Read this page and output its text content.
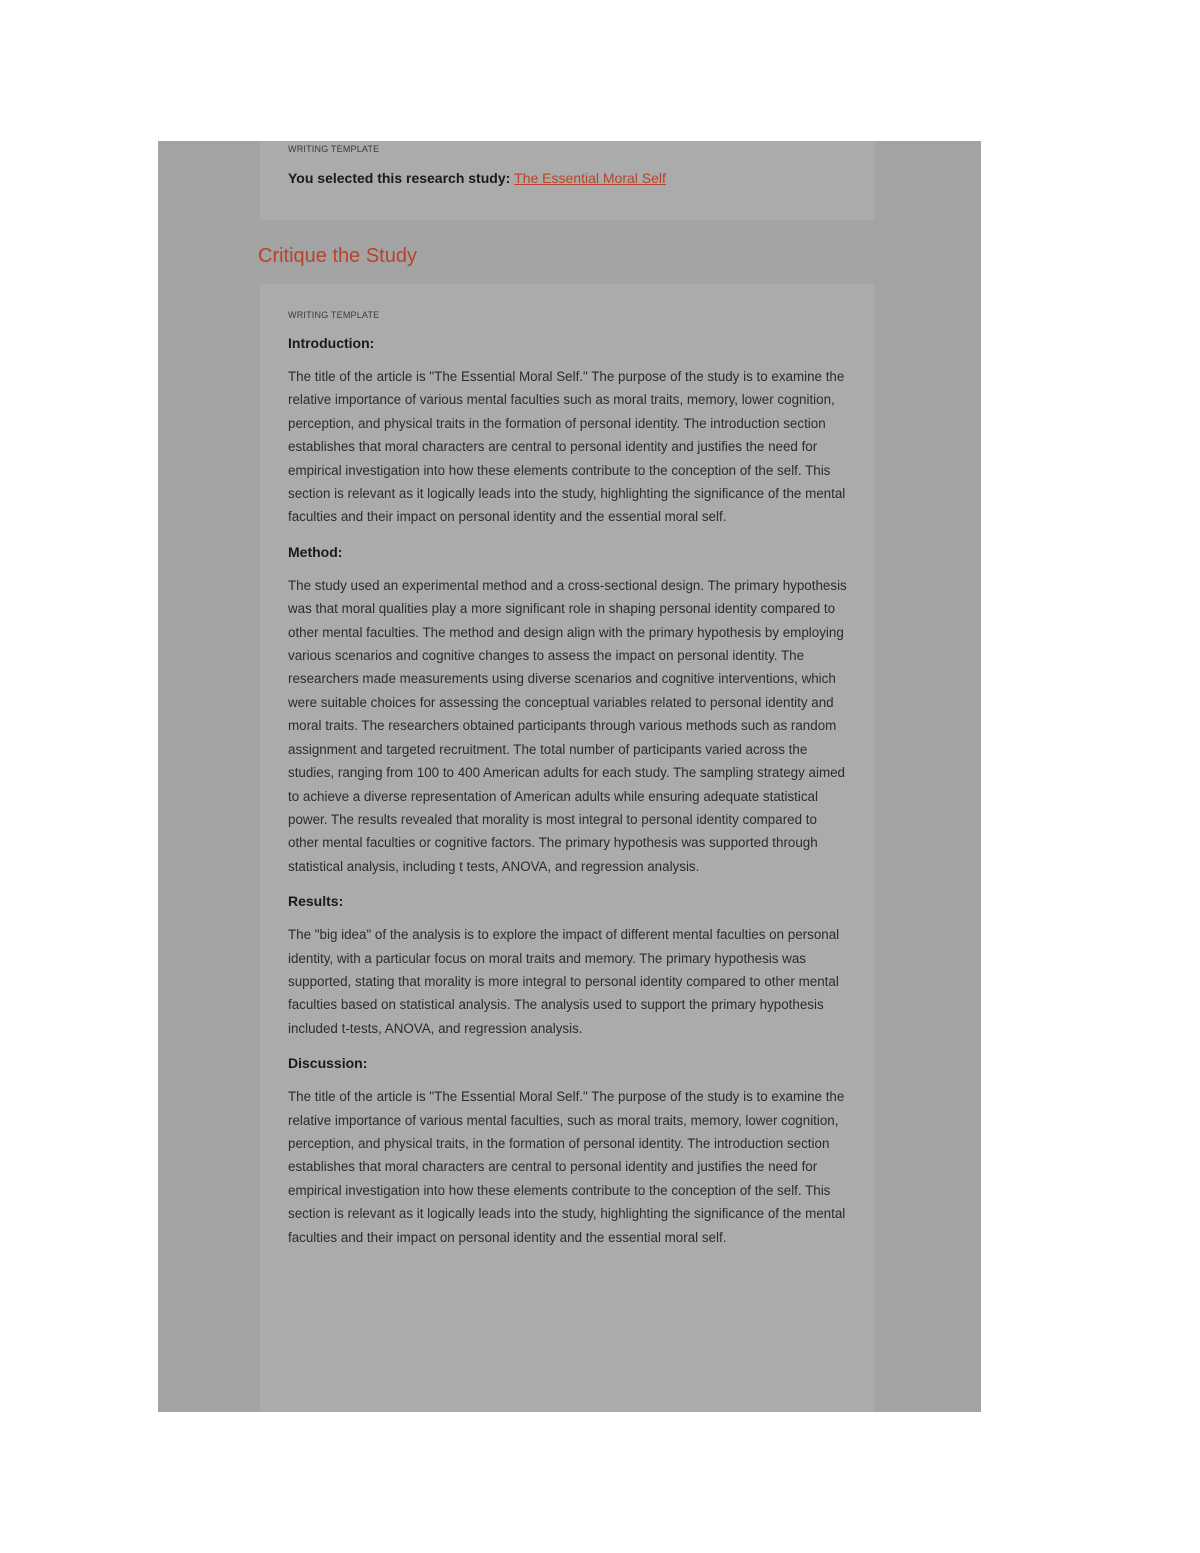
WRITING TEMPLATE

You selected this research study: The Essential Moral Self
Critique the Study

WRITING TEMPLATE

Introduction:

The title of the article is "The Essential Moral Self." The purpose of the study is to examine the relative importance of various mental faculties such as moral traits, memory, lower cognition, perception, and physical traits in the formation of personal identity. The introduction section establishes that moral characters are central to personal identity and justifies the need for empirical investigation into how these elements contribute to the conception of the self. This section is relevant as it logically leads into the study, highlighting the significance of the mental faculties and their impact on personal identity and the essential moral self.

Method:

The study used an experimental method and a cross-sectional design. The primary hypothesis was that moral qualities play a more significant role in shaping personal identity compared to other mental faculties. The method and design align with the primary hypothesis by employing various scenarios and cognitive changes to assess the impact on personal identity. The researchers made measurements using diverse scenarios and cognitive interventions, which were suitable choices for assessing the conceptual variables related to personal identity and moral traits. The researchers obtained participants through various methods such as random assignment and targeted recruitment. The total number of participants varied across the studies, ranging from 100 to 400 American adults for each study. The sampling strategy aimed to achieve a diverse representation of American adults while ensuring adequate statistical power. The results revealed that morality is most integral to personal identity compared to other mental faculties or cognitive factors. The primary hypothesis was supported through statistical analysis, including t tests, ANOVA, and regression analysis.

Results:

The "big idea" of the analysis is to explore the impact of different mental faculties on personal identity, with a particular focus on moral traits and memory. The primary hypothesis was supported, stating that morality is more integral to personal identity compared to other mental faculties based on statistical analysis. The analysis used to support the primary hypothesis included t-tests, ANOVA, and regression analysis.

Discussion:

The title of the article is "The Essential Moral Self." The purpose of the study is to examine the relative importance of various mental faculties, such as moral traits, memory, lower cognition, perception, and physical traits, in the formation of personal identity. The introduction section establishes that moral characters are central to personal identity and justifies the need for empirical investigation into how these elements contribute to the conception of the self. This section is relevant as it logically leads into the study, highlighting the significance of the mental faculties and their impact on personal identity and the essential moral self.
